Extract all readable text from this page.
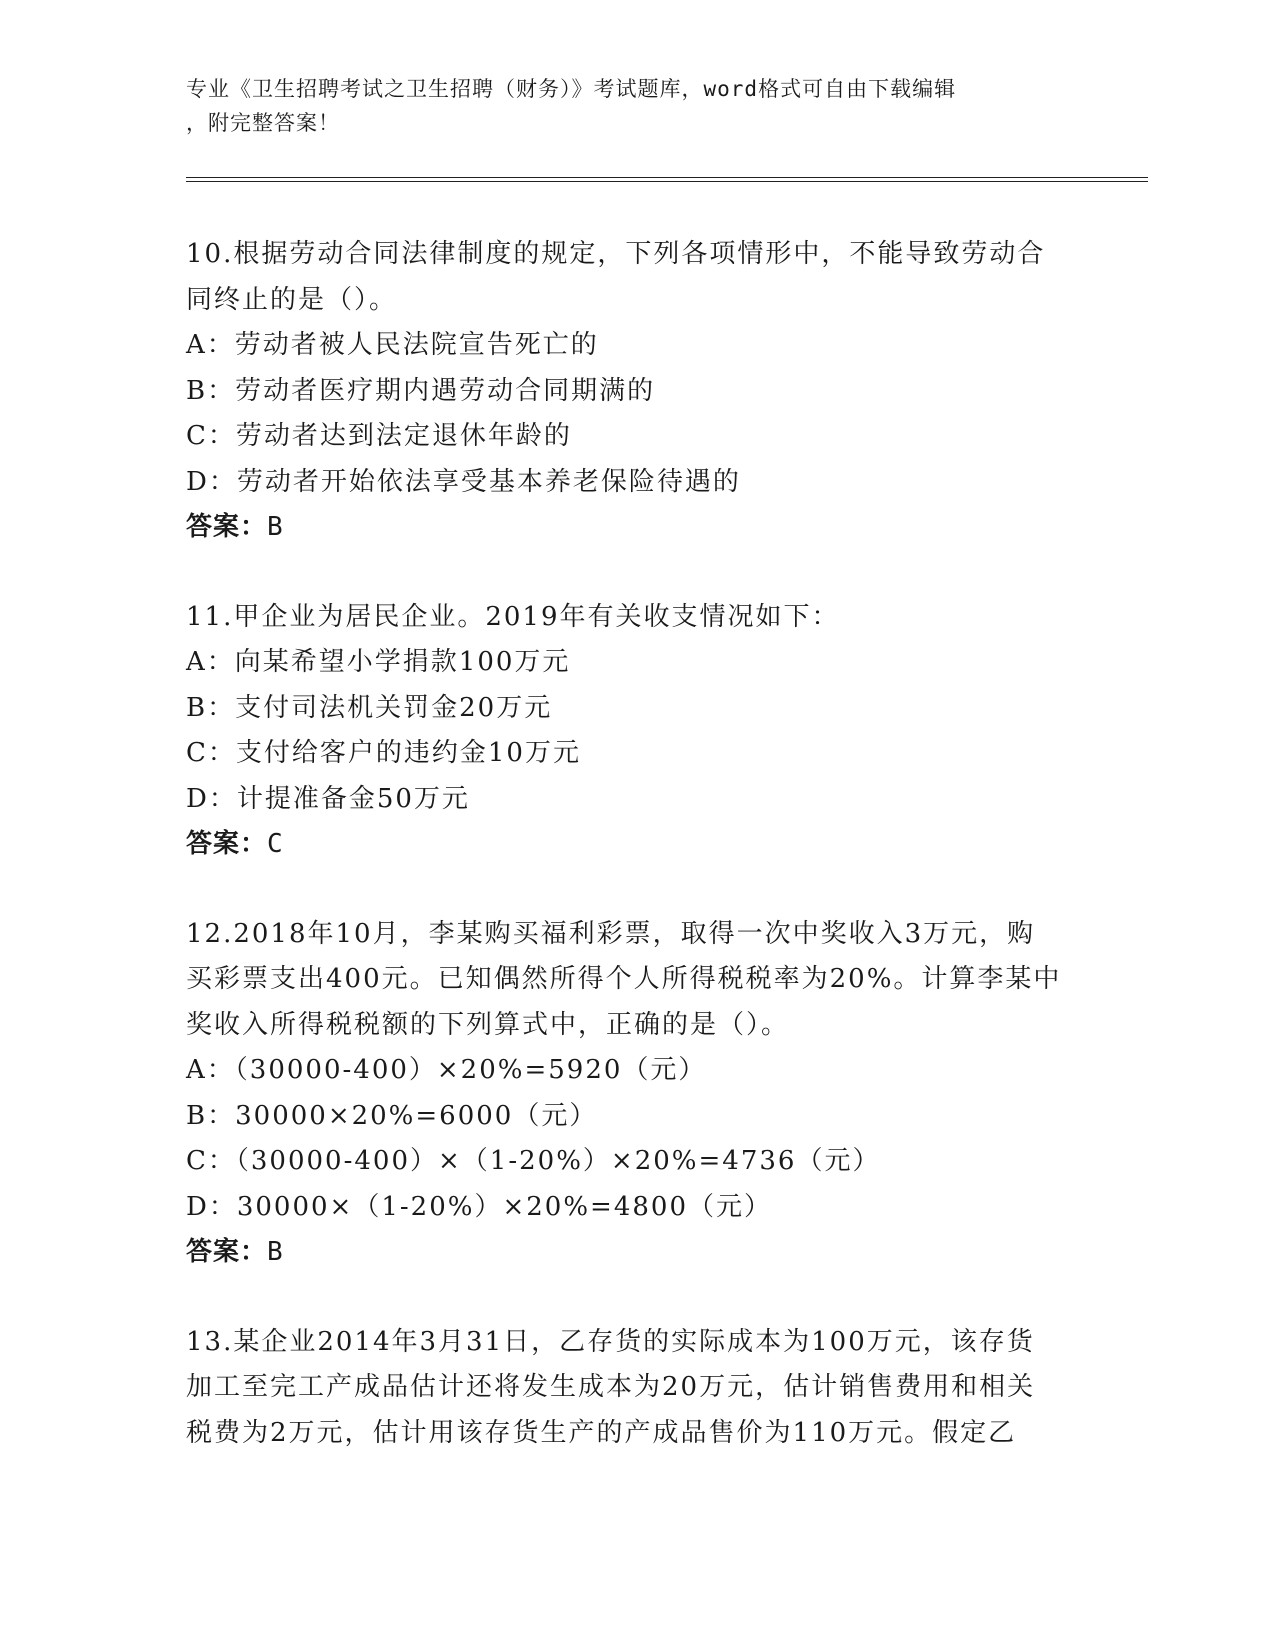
专业《卫生招聘考试之卫生招聘（财务）》考试题库，word格式可自由下载编辑
，附完整答案！

10.根据劳动合同法律制度的规定，下列各项情形中，不能导致劳动合

同终止的是（）。

A：劳动者被人民法院宣告死亡的

B：劳动者医疗期内遇劳动合同期满的

C：劳动者达到法定退休年龄的

D：劳动者开始依法享受基本养老保险待遇的

答案：B

11.甲企业为居民企业。2019年有关收支情况如下：

A：向某希望小学捐款100万元

B：支付司法机关罚金20万元

C：支付给客户的违约金10万元

D：计提准备金50万元

答案：C

12.2018年10月，李某购买福利彩票，取得一次中奖收入3万元，购

买彩票支出400元。已知偶然所得个人所得税税率为20%。计算李某中

奖收入所得税税额的下列算式中，正确的是（）。

A：（30000-400）×20%=5920（元）

B：30000×20%=6000（元）

C：（30000-400）×（1-20%）×20%=4736（元）

D：30000×（1-20%）×20%=4800（元）

答案：B

13.某企业2014年3月31日，乙存货的实际成本为100万元，该存货

加工至完工产成品估计还将发生成本为20万元，估计销售费用和相关

税费为2万元，估计用该存货生产的产成品售价为110万元。假定乙
